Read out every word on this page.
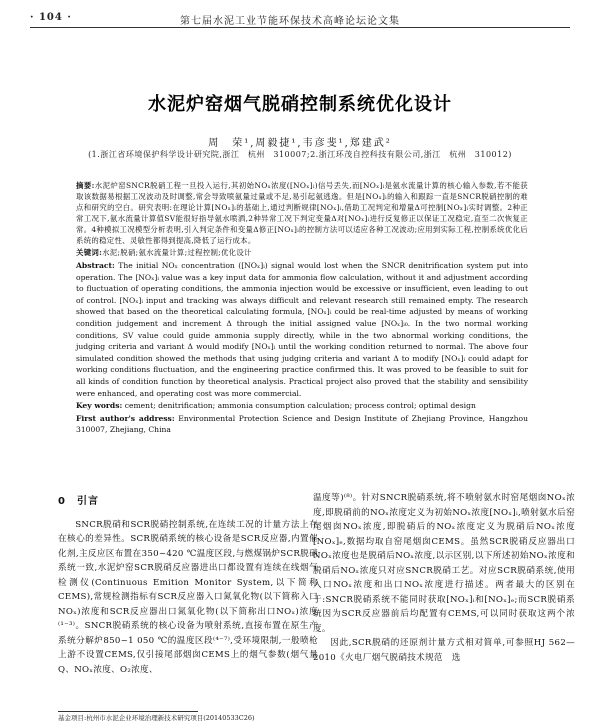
· 104 ·	第七届水泥工业节能环保技术高峰论坛论文集
水泥炉窑烟气脱硝控制系统优化设计
周　荣¹,周毅捷¹,韦彦斐¹,郑建武²
(1.浙江省环境保护科学设计研究院,浙江　杭州　310007;2.浙江环茂自控科技有限公司,浙江　杭州　310012)

摘要:水泥炉窑SNCR脱硝工程一旦投入运行,其初始NOₓ浓度([NOₓ]ᵢ)信号丢失,而[NOₓ]ᵢ是氨水流量计算的核心输入参数,若不能获取该数据易根据工况波动及时调整,常会导致喷氨量过量或不足,易引起氨逃逸。但是[NOₓ]ᵢ的输入和跟踪一直是SNCR脱硝控制的难点和研究的空白。研究表明:在理论计算[NOₓ]ᵢ的基础上,通过判断规律[NOₓ]ᵢ,借助工况判定和增量Δ可控制[NOₓ]ᵢ实时调整。2种正常工况下,氨水流量计算值SV能很好指导氨水喷洒,2种异常工况下判定变量Δ对[NOₓ]ᵢ进行反复修正以保证工况稳定,直至二次恢复正常。4种模拟工况模型分析表明,引入判定条件和变量Δ修正[NOₓ]ᵢ的控制方法可以适应各种工况波动;应用到实际工程,控制系统优化后系统的稳定性、灵敏性都得到提高,降低了运行成本。

关键词:水泥;脱硝;氨水流量计算;过程控制;优化设计

Abstract: The initial NOₓ concentration ([NOₓ]ᵢ) signal would lost when the SNCR denitrification system put into operation. The [NOₓ]ᵢ value was a key input data for ammonia flow calculation, without it and adjustment according to fluctuation of operating conditions, the ammonia injection would be excessive or insufficient, even leading to out of control. [NOₓ]ᵢ input and tracking was always difficult and relevant research still remained empty. The research showed that based on the theoretical calculating formula, [NOₓ]ᵢ could be real-time adjusted by means of working condition judgement and increment Δ through the initial assigned value [NOₓ]ᵢ₀. In the two normal working conditions, SV value could guide ammonia supply directly, while in the two abnormal working conditions, the judging criteria and variant Δ would modify [NOₓ]ᵢ until the working condition returned to normal. The above four simulated condition showed the methods that using judging criteria and variant Δ to modify [NOₓ]ᵢ could adapt for working conditions fluctuation, and the engineering practice confirmed this. It was proved to be feasible to suit for all kinds of condition function by theoretical analysis. Practical project also proved that the stability and sensibility were enhanced, and operating cost was more commercial.

Key words: cement; denitrification; ammonia consumption calculation; process control; optimal design

First author's address: Environmental Protection Science and Design Institute of Zhejiang Province, Hangzhou 310007, Zhejiang, China

0　引言

SNCR脱硝和SCR脱硝控制系统,在连续工况的计量方法上存在核心的差异性。SCR脱硝系统的核心设备是SCR反应器,内置催化剂,主反应区布置在350~420 ℃温度区段,与燃煤锅炉SCR脱硝系统一致,水泥炉窑SCR脱硝反应器进出口都设置有连续在线烟气检测仪(Continuous Emition Monitor System,以下简称CEMS),常规检测指标有SCR反应器入口氮氧化物(以下简称入口NOₓ)浓度和SCR反应器出口氮氧化物(以下简称出口NOₓ)浓度⁽¹⁻³⁾。SNCR脱硝系统的核心设备为喷射系统,直接布置在原生产系统分解炉850~1 050 ℃的温度区段⁽⁴⁻⁷⁾,受环境限制,一般喷枪上游不设置CEMS,仅引接尾部烟囱CEMS上的烟气参数(烟气量Q、NOₓ浓度、O₂浓度、

温度等)⁽⁸⁾。针对SNCR脱硝系统,将不喷射氨水时窑尾烟囱NOₓ浓度,即脱硝前的NOₓ浓度定义为初始NOₓ浓度[NOₓ]ᵢ,喷射氨水后窑尾烟囱NOₓ浓度,即脱硝后的NOₓ浓度定义为脱硝后NOₓ浓度[NOₓ]ₑ,数据均取自窑尾烟囱CEMS。虽然SCR脱硝反应器出口NOₓ浓度也是脱硝后NOₓ浓度,以示区别,以下所述初始NOₓ浓度和脱硝后NOₓ浓度只对应SNCR脱硝工艺。对应SCR脱硝系统,使用入口NOₓ浓度和出口NOₓ浓度进行描述。两者最大的区别在于:SNCR脱硝系统不能同时获取[NOₓ]ᵢ和[NOₓ]ₑ;而SCR脱硝系统因为SCR反应器前后均配置有CEMS,可以同时获取这两个浓度。

因此,SCR脱硝的还原剂计量方式相对简单,可参照HJ 562—2010《火电厂烟气脱硝技术规范　选

基金项目:杭州市水泥企业环境治理新技术研究项目(20140533C26)
